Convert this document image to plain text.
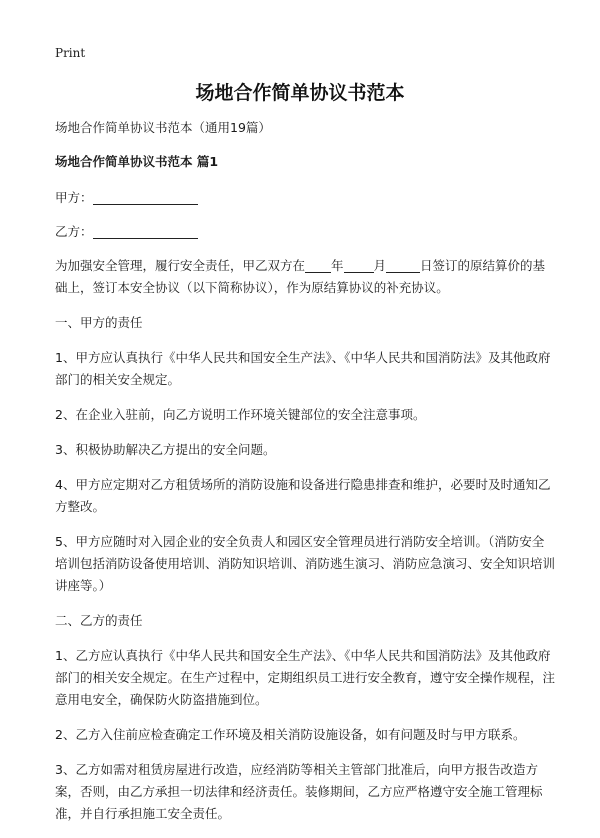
Print
场地合作简单协议书范本

场地合作简单协议书范本（通用19篇）

场地合作简单协议书范本 篇1

甲方：

乙方：

为加强安全管理，履行安全责任，甲乙双方在 年 月	日签订的原结算价的基础上，签订本安全协议（以下简称协议），作为原结算协议的补充协议。

一、甲方的责任

1、甲方应认真执行《中华人民共和国安全生产法》、《中华人民共和国消防法》及其他政府部门的相关安全规定。

2、在企业入驻前，向乙方说明工作环境关键部位的安全注意事项。

3、积极协助解决乙方提出的安全问题。

4、甲方应定期对乙方租赁场所的消防设施和设备进行隐患排查和维护，必要时及时通知乙方整改。

5、甲方应随时对入园企业的安全负责人和园区安全管理员进行消防安全培训。（消防安全培训包括消防设备使用培训、消防知识培训、消防逃生演习、消防应急演习、安全知识培训讲座等。）

二、乙方的责任

1、乙方应认真执行《中华人民共和国安全生产法》、《中华人民共和国消防法》及其他政府部门的相关安全规定。在生产过程中，定期组织员工进行安全教育，遵守安全操作规程，注意用电安全，确保防火防盗措施到位。

2、乙方入住前应检查确定工作环境及相关消防设施设备，如有问题及时与甲方联系。

3、乙方如需对租赁房屋进行改造，应经消防等相关主管部门批准后，向甲方报告改造方案，否则，由乙方承担一切法律和经济责任。装修期间，乙方应严格遵守安全施工管理标准，并自行承担施工安全责任。
